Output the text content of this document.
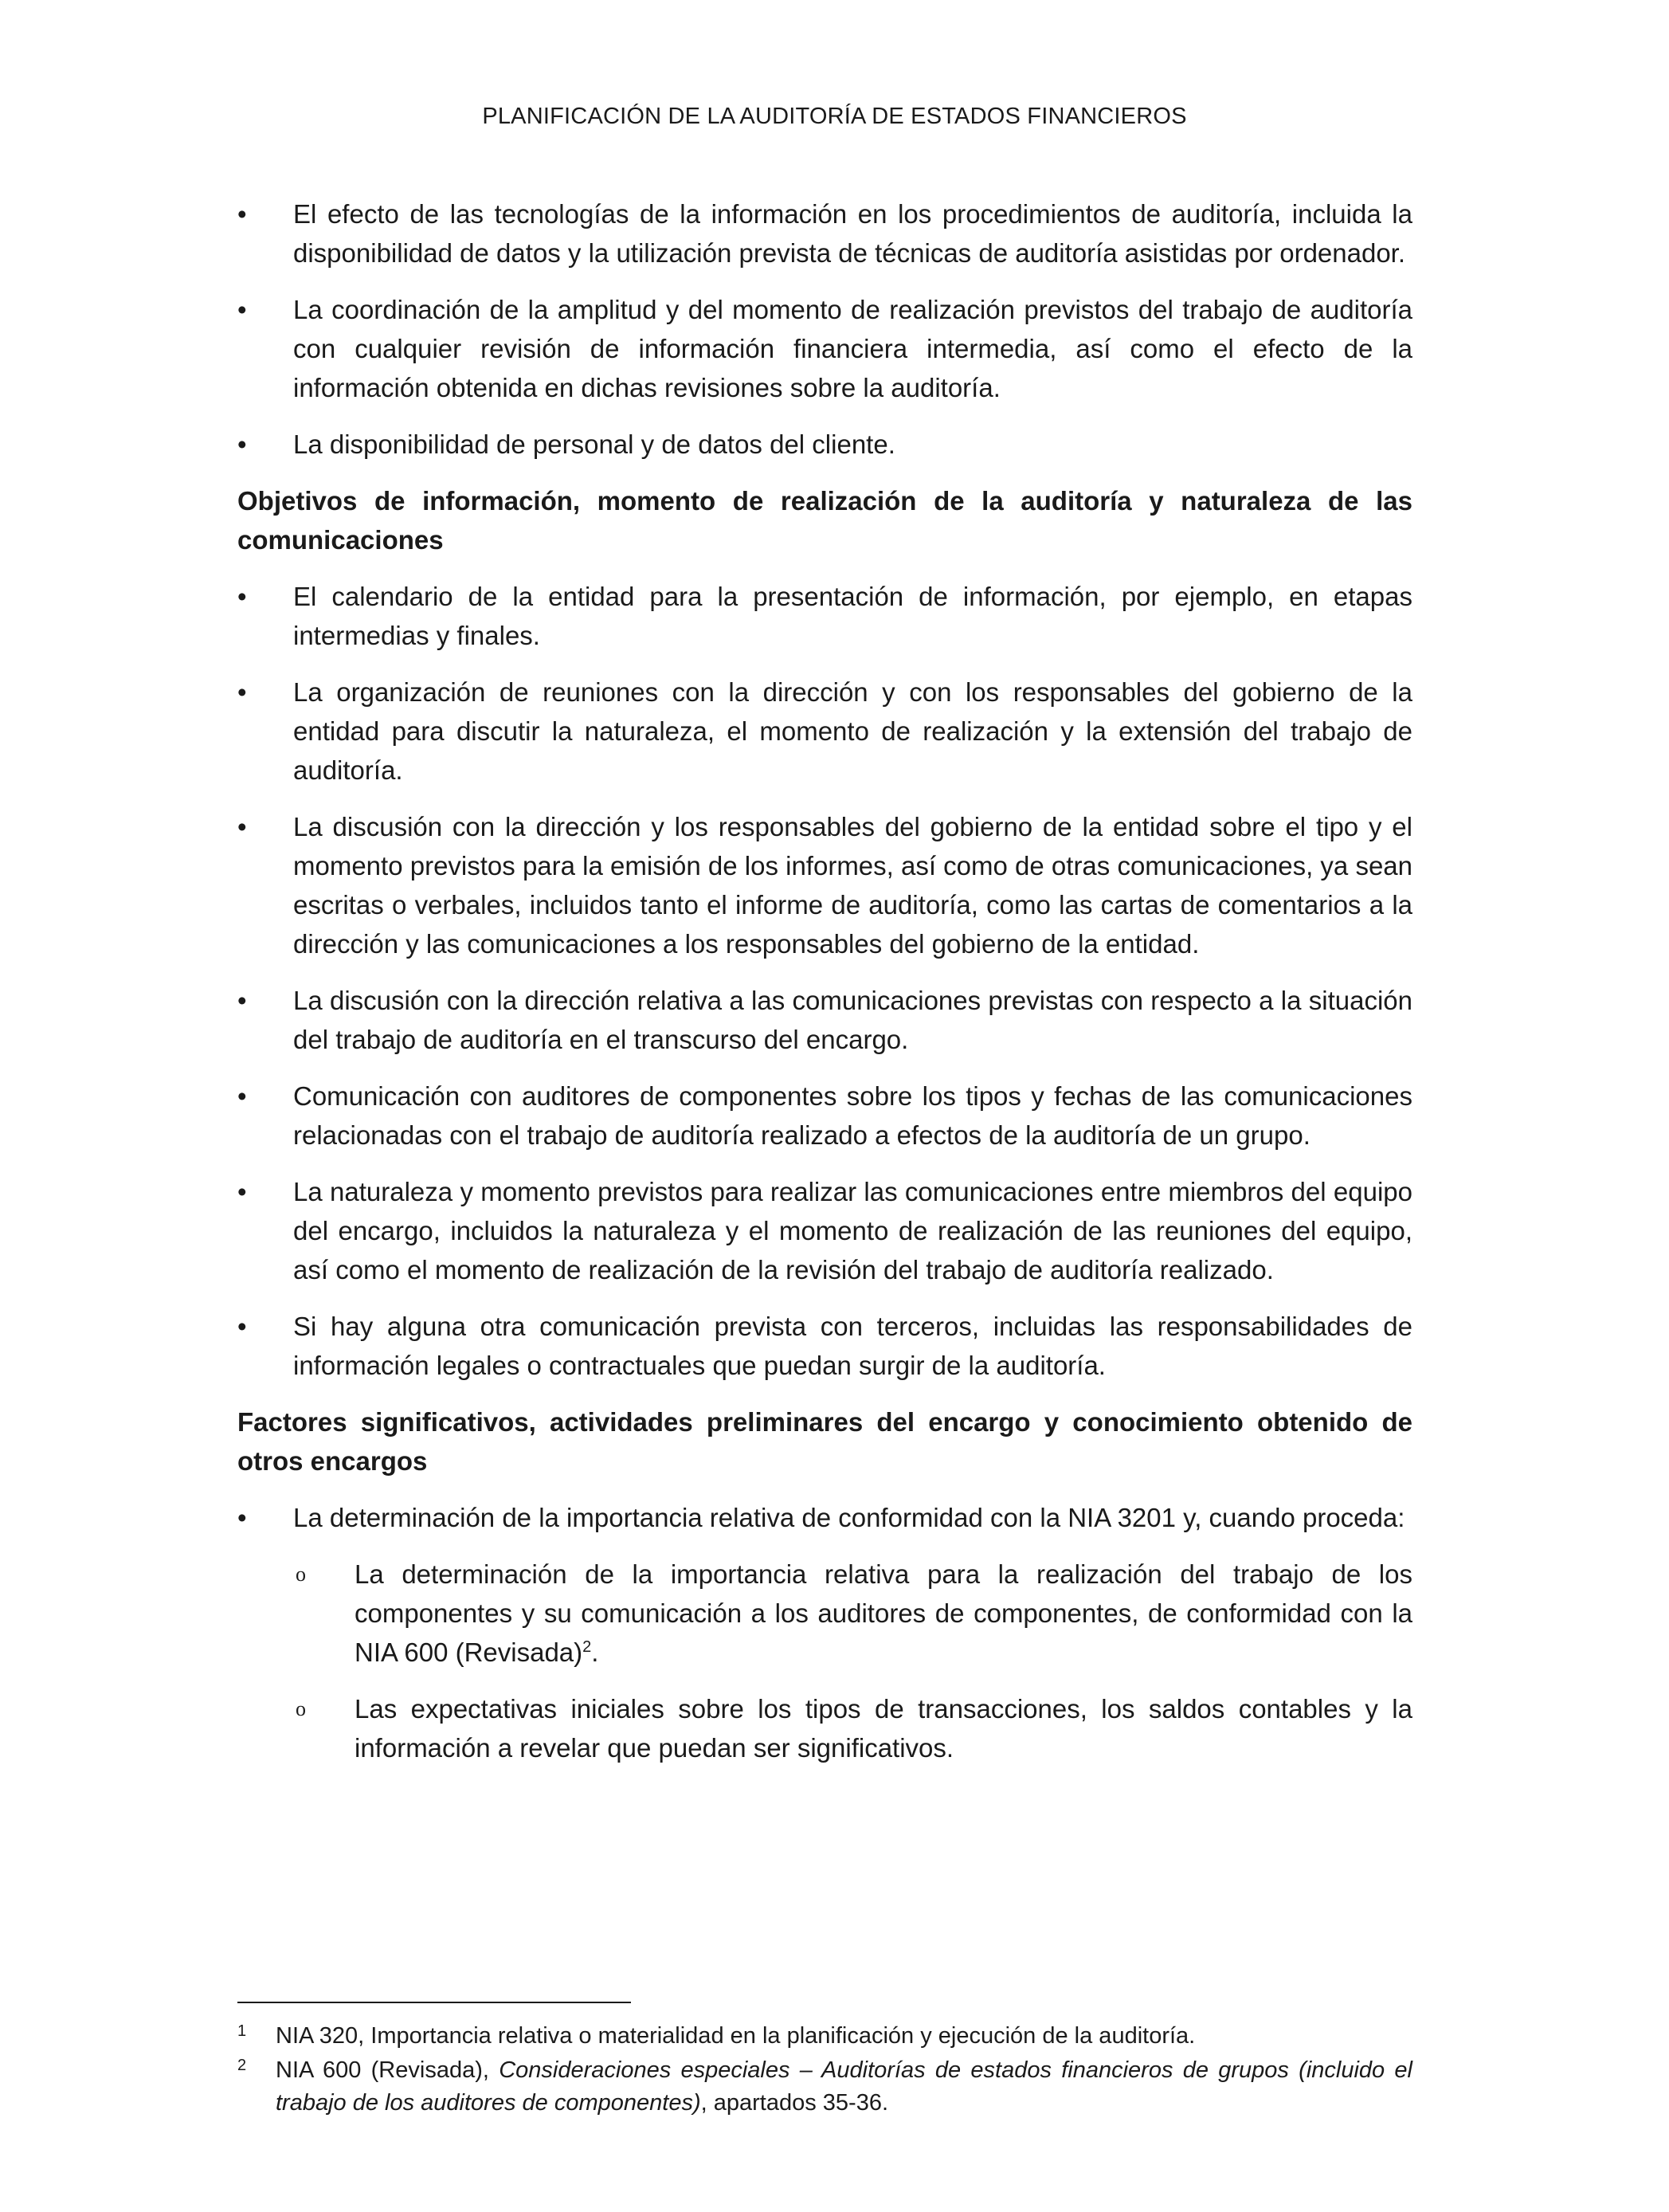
PLANIFICACIÓN DE LA AUDITORÍA DE ESTADOS FINANCIEROS
•	El efecto de las tecnologías de la información en los procedimientos de auditoría, incluida la disponibilidad de datos y la utilización prevista de técnicas de auditoría asistidas por ordenador.
•	La coordinación de la amplitud y del momento de realización previstos del trabajo de auditoría con cualquier revisión de información financiera intermedia, así como el efecto de la información obtenida en dichas revisiones sobre la auditoría.
•	La disponibilidad de personal y de datos del cliente.
Objetivos de información, momento de realización de la auditoría y naturaleza de las comunicaciones
•	El calendario de la entidad para la presentación de información, por ejemplo, en etapas intermedias y finales.
•	La organización de reuniones con la dirección y con los responsables del gobierno de la entidad para discutir la naturaleza, el momento de realización y la extensión del trabajo de auditoría.
•	La discusión con la dirección y los responsables del gobierno de la entidad sobre el tipo y el momento previstos para la emisión de los informes, así como de otras comunicaciones, ya sean escritas o verbales, incluidos tanto el informe de auditoría, como las cartas de comentarios a la dirección y las comunicaciones a los responsables del gobierno de la entidad.
•	La discusión con la dirección relativa a las comunicaciones previstas con respecto a la situación del trabajo de auditoría en el transcurso del encargo.
•	Comunicación con auditores de componentes sobre los tipos y fechas de las comunicaciones relacionadas con el trabajo de auditoría realizado a efectos de la auditoría de un grupo.
•	La naturaleza y momento previstos para realizar las comunicaciones entre miembros del equipo del encargo, incluidos la naturaleza y el momento de realización de las reuniones del equipo, así como el momento de realización de la revisión del trabajo de auditoría realizado.
•	Si hay alguna otra comunicación prevista con terceros, incluidas las responsabilidades de información legales o contractuales que puedan surgir de la auditoría.
Factores significativos, actividades preliminares del encargo y conocimiento obtenido de otros encargos
•	La determinación de la importancia relativa de conformidad con la NIA 3201 y, cuando proceda:
o La determinación de la importancia relativa para la realización del trabajo de los componentes y su comunicación a los auditores de componentes, de conformidad con la NIA 600 (Revisada)$^2$.
o Las expectativas iniciales sobre los tipos de transacciones, los saldos contables y la información a revelar que puedan ser significativos.
1 NIA 320, Importancia relativa o materialidad en la planificación y ejecución de la auditoría.
2 NIA 600 (Revisada), Consideraciones especiales – Auditorías de estados financieros de grupos (incluido el trabajo de los auditores de componentes), apartados 35-36.
